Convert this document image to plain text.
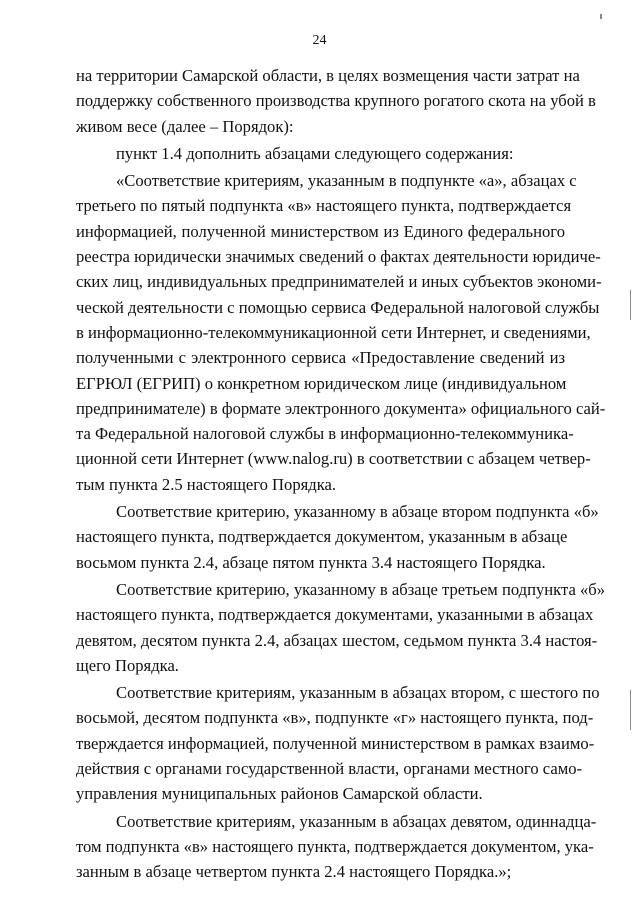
24
на территории Самарской области, в целях возмещения части затрат на
поддержку собственного производства крупного рогатого скота на убой в
живом весе (далее – Порядок):
пункт 1.4 дополнить абзацами следующего содержания:
«Соответствие критериям, указанным в подпункте «а», абзацах с
третьего по пятый подпункта «в» настоящего пункта, подтверждается
информацией, полученной министерством из Единого федерального
реестра юридически значимых сведений о фактах деятельности юридиче-
ских лиц, индивидуальных предпринимателей и иных субъектов экономи-
ческой деятельности с помощью сервиса Федеральной налоговой службы
в информационно-телекоммуникационной сети Интернет, и сведениями,
полученными с электронного сервиса «Предоставление сведений из
ЕГРЮЛ (ЕГРИП) о конкретном юридическом лице (индивидуальном
предпринимателе) в формате электронного документа» официального сай-
та Федеральной налоговой службы в информационно-телекоммуника-
ционной сети Интернет (www.nalog.ru) в соответствии с абзацем четвер-
тым пункта 2.5 настоящего Порядка.
Соответствие критерию, указанному в абзаце втором подпункта «б»
настоящего пункта, подтверждается документом, указанным в абзаце
восьмом пункта 2.4, абзаце пятом пункта 3.4 настоящего Порядка.
Соответствие критерию, указанному в абзаце третьем подпункта «б»
настоящего пункта, подтверждается документами, указанными в абзацах
девятом, десятом пункта 2.4, абзацах шестом, седьмом пункта 3.4 настоя-
щего Порядка.
Соответствие критериям, указанным в абзацах втором, с шестого по
восьмой, десятом подпункта «в», подпункте «г» настоящего пункта, под-
тверждается информацией, полученной министерством в рамках взаимо-
действия с органами государственной власти, органами местного само-
управления муниципальных районов Самарской области.
Соответствие критериям, указанным в абзацах девятом, одиннадца-
том подпункта «в» настоящего пункта, подтверждается документом, ука-
занным в абзаце четвертом пункта 2.4 настоящего Порядка.»;
